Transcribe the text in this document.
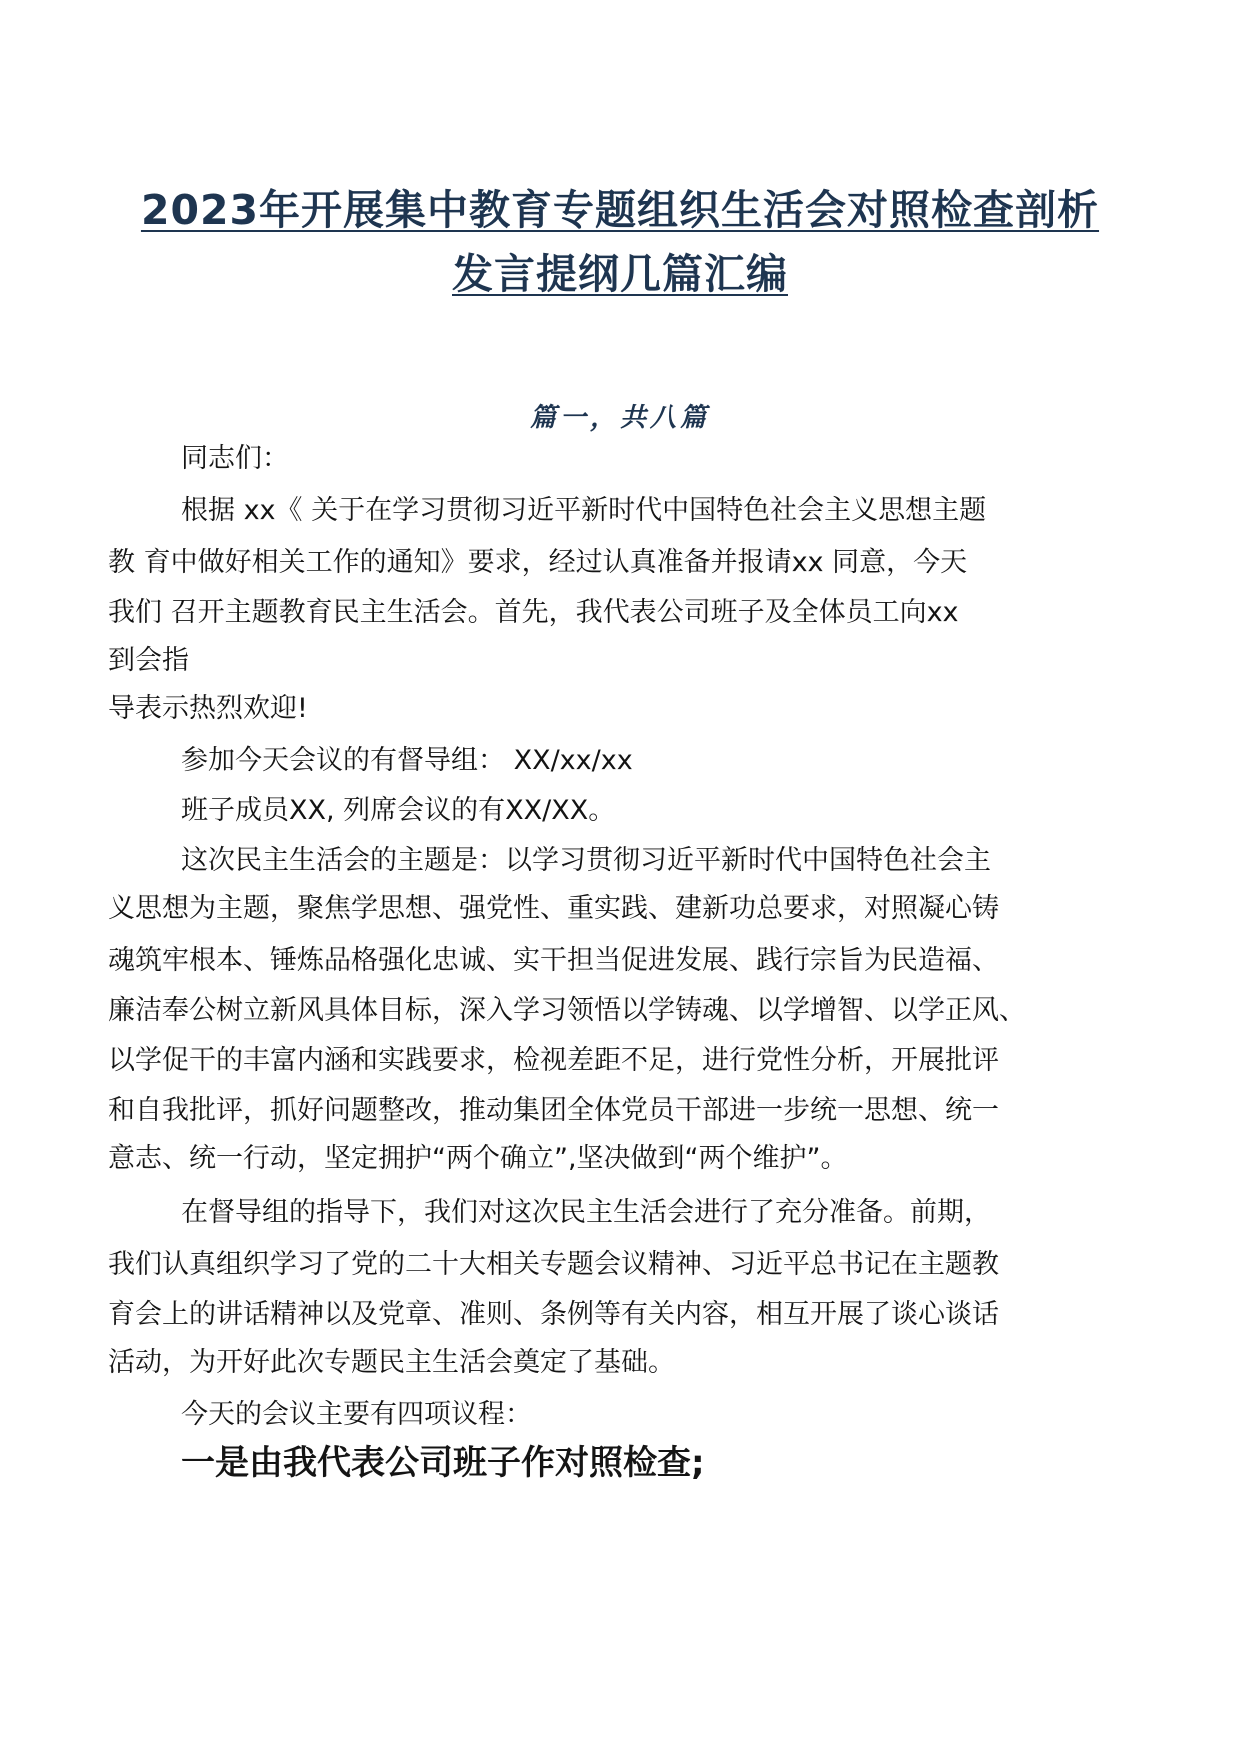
2023年开展集中教育专题组织生活会对照检查剖析
发言提纲几篇汇编
篇一，共八篇

同志们：

根据 xx《 关于在学习贯彻习近平新时代中国特色社会主义思想主题

教 育中做好相关工作的通知》要求，经过认真准备并报请xx 同意，今天

我们 召开主题教育民主生活会。首先，我代表公司班子及全体员工向xx

到会指

导表示热烈欢迎!

参加今天会议的有督导组： XX/xx/xx

班子成员XX, 列席会议的有XX/XX。

这次民主生活会的主题是：以学习贯彻习近平新时代中国特色社会主

义思想为主题，聚焦学思想、强党性、重实践、建新功总要求，对照凝心铸

魂筑牢根本、锤炼品格强化忠诚、实干担当促进发展、践行宗旨为民造福、

廉洁奉公树立新风具体目标，深入学习领悟以学铸魂、以学增智、以学正风、

以学促干的丰富内涵和实践要求，检视差距不足，进行党性分析，开展批评

和自我批评，抓好问题整改，推动集团全体党员干部进一步统一思想、统一

意志、统一行动，坚定拥护“两个确立”,坚决做到“两个维护”。

在督导组的指导下，我们对这次民主生活会进行了充分准备。前期，

我们认真组织学习了党的二十大相关专题会议精神、习近平总书记在主题教

育会上的讲话精神以及党章、准则、条例等有关内容，相互开展了谈心谈话

活动，为开好此次专题民主生活会奠定了基础。

今天的会议主要有四项议程：

一是由我代表公司班子作对照检查;
